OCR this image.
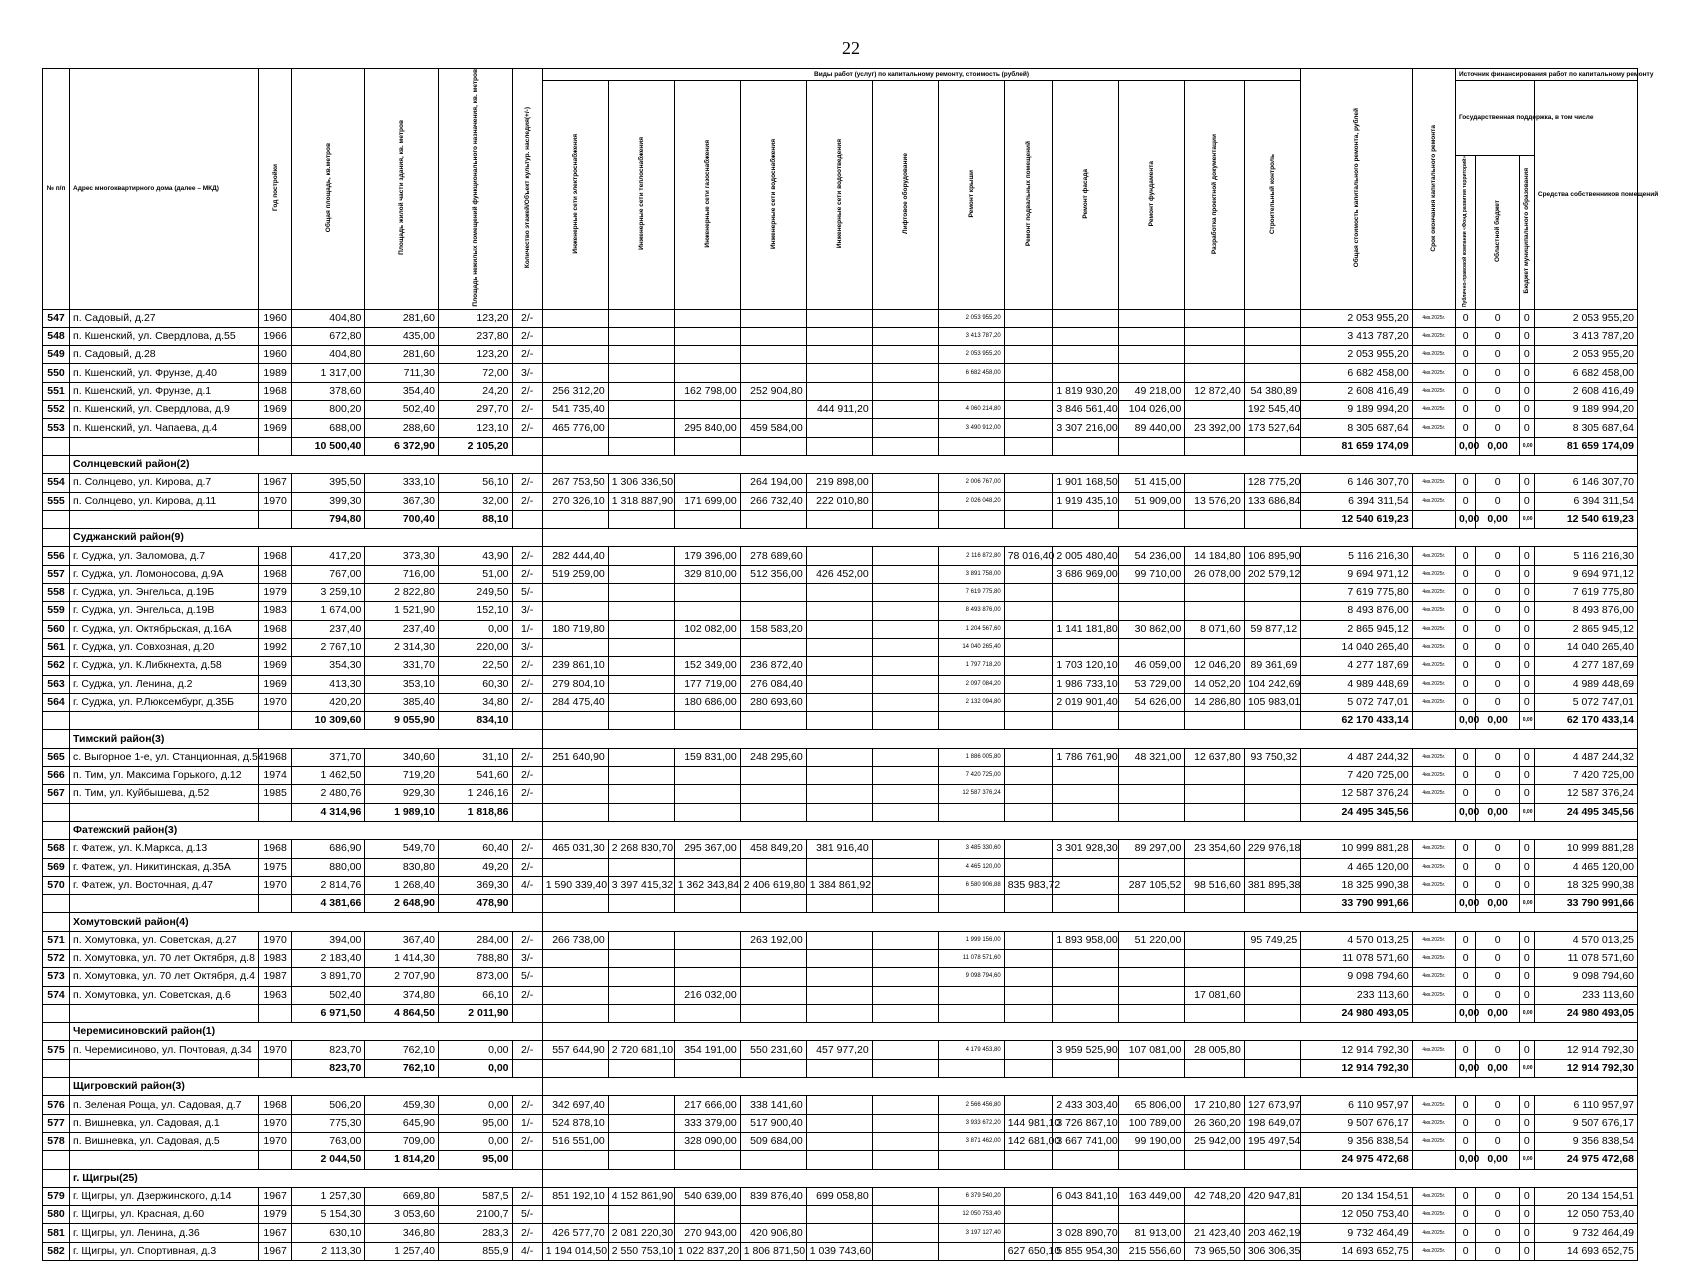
22
№ п/п	Адрес многоквартирного дома (далее – МКД)	Год постройки	Общая площадь, кв.метров	Площадь жилой части здания, кв. метров	Площадь нежилых помещений функционального назначения, кв. метров	Количество этажей/Объект культур. наследия(+/-)	Виды работ (услуг) по капитальному ремонту, стоимость (рублей)												Общая стоимость капитального ремонта, рублей	Срок окончания капитального ремонта	Источник финансирования работ по капитальному ремонту			
							Инженерные сети электроснабжения	Инженерные сети теплоснабжения	Инженерные сети газоснабжения	Инженерные сети водоснабжения	Инженерные сети водоотведения	Лифтовое оборудование	Ремонт крыши	Ремонт подвальных помещений	Ремонт фасада	Ремонт фундамента	Разработка проектной документации	Строительный контроль			Государственная поддержка, в том числе			Средства собственников помещений
																					Публично-правовой компании «Фонд развития территорий»	Областной бюджет	Бюджет муниципального образования	
547	п. Садовый, д.27	1960	404,80	281,60	123,20	2/-							2 053 955,20						2 053 955,20	4кв.2025г.	0	0	0	2 053 955,20
548	п. Кшенский, ул. Свердлова, д.55	1966	672,80	435,00	237,80	2/-							3 413 787,20						3 413 787,20	4кв.2025г.	0	0	0	3 413 787,20
549	п. Садовый, д.28	1960	404,80	281,60	123,20	2/-							2 053 955,20						2 053 955,20	4кв.2025г.	0	0	0	2 053 955,20
550	п. Кшенский, ул. Фрунзе, д.40	1989	1 317,00	711,30	72,00	3/-							6 682 458,00						6 682 458,00	4кв.2025г.	0	0	0	6 682 458,00
551	п. Кшенский, ул. Фрунзе, д.1	1968	378,60	354,40	24,20	2/-	256 312,20		162 798,00	252 904,80					1 819 930,20	49 218,00	12 872,40	54 380,89	2 608 416,49	4кв.2025г.	0	0	0	2 608 416,49
552	п. Кшенский, ул. Свердлова, д.9	1969	800,20	502,40	297,70	2/-	541 735,40				444 911,20		4 060 214,80		3 846 561,40	104 026,00		192 545,40	9 189 994,20	4кв.2025г.	0	0	0	9 189 994,20
553	п. Кшенский, ул. Чапаева, д.4	1969	688,00	288,60	123,10	2/-	465 776,00		295 840,00	459 584,00			3 490 912,00		3 307 216,00	89 440,00	23 392,00	173 527,64	8 305 687,64	4кв.2025г.	0	0	0	8 305 687,64
			10 500,40	6 372,90	2 105,20														81 659 174,09		0,00	0,00	0,00	81 659 174,09
	Солнцевский район(2)																							
554	п. Солнцево, ул. Кирова, д.7	1967	395,50	333,10	56,10	2/-	267 753,50	1 306 336,50		264 194,00	219 898,00		2 006 767,00		1 901 168,50	51 415,00		128 775,20	6 146 307,70	4кв.2025г.	0	0	0	6 146 307,70
555	п. Солнцево, ул. Кирова, д.11	1970	399,30	367,30	32,00	2/-	270 326,10	1 318 887,90	171 699,00	266 732,40	222 010,80		2 026 048,20		1 919 435,10	51 909,00	13 576,20	133 686,84	6 394 311,54	4кв.2025г.	0	0	0	6 394 311,54
			794,80	700,40	88,10														12 540 619,23		0,00	0,00	0,00	12 540 619,23
	Суджанский район(9)																							
556	г. Суджа, ул. Заломова, д.7	1968	417,20	373,30	43,90	2/-	282 444,40		179 396,00	278 689,60			2 116 872,80	78 016,40	2 005 480,40	54 236,00	14 184,80	106 895,90	5 116 216,30	4кв.2025г.	0	0	0	5 116 216,30
557	г. Суджа, ул. Ломоносова, д.9А	1968	767,00	716,00	51,00	2/-	519 259,00		329 810,00	512 356,00	426 452,00		3 891 758,00		3 686 969,00	99 710,00	26 078,00	202 579,12	9 694 971,12	4кв.2025г.	0	0	0	9 694 971,12
558	г. Суджа, ул. Энгельса, д.19Б	1979	3 259,10	2 822,80	249,50	5/-							7 619 775,80						7 619 775,80	4кв.2025г.	0	0	0	7 619 775,80
559	г. Суджа, ул. Энгельса, д.19В	1983	1 674,00	1 521,90	152,10	3/-							8 493 876,00						8 493 876,00	4кв.2025г.	0	0	0	8 493 876,00
560	г. Суджа, ул. Октябрьская, д.16А	1968	237,40	237,40	0,00	1/-	180 719,80		102 082,00	158 583,20			1 204 567,60		1 141 181,80	30 862,00	8 071,60	59 877,12	2 865 945,12	4кв.2025г.	0	0	0	2 865 945,12
561	г. Суджа, ул. Совхозная, д.20	1992	2 767,10	2 314,30	220,00	3/-							14 040 265,40						14 040 265,40	4кв.2025г.	0	0	0	14 040 265,40
562	г. Суджа, ул. К.Либкнехта, д.58	1969	354,30	331,70	22,50	2/-	239 861,10		152 349,00	236 872,40			1 797 718,20		1 703 120,10	46 059,00	12 046,20	89 361,69	4 277 187,69	4кв.2025г.	0	0	0	4 277 187,69
563	г. Суджа, ул. Ленина, д.2	1969	413,30	353,10	60,30	2/-	279 804,10		177 719,00	276 084,40			2 097 084,20		1 986 733,10	53 729,00	14 052,20	104 242,69	4 989 448,69	4кв.2025г.	0	0	0	4 989 448,69
564	г. Суджа, ул. Р.Люксембург, д.35Б	1970	420,20	385,40	34,80	2/-	284 475,40		180 686,00	280 693,60			2 132 094,80		2 019 901,40	54 626,00	14 286,80	105 983,01	5 072 747,01	4кв.2025г.	0	0	0	5 072 747,01
			10 309,60	9 055,90	834,10														62 170 433,14		0,00	0,00	0,00	62 170 433,14
	Тимский район(3)																							
565	с. Выгорное 1-е, ул. Станционная, д.54	1968	371,70	340,60	31,10	2/-	251 640,90		159 831,00	248 295,60			1 886 005,80		1 786 761,90	48 321,00	12 637,80	93 750,32	4 487 244,32	4кв.2025г.	0	0	0	4 487 244,32
566	п. Тим, ул. Максима Горького, д.12	1974	1 462,50	719,20	541,60	2/-							7 420 725,00						7 420 725,00	4кв.2025г.	0	0	0	7 420 725,00
567	п. Тим, ул. Куйбышева, д.52	1985	2 480,76	929,30	1 246,16	2/-							12 587 376,24						12 587 376,24	4кв.2025г.	0	0	0	12 587 376,24
			4 314,96	1 989,10	1 818,86														24 495 345,56		0,00	0,00	0,00	24 495 345,56
	Фатежский район(3)																							
568	г. Фатеж, ул. К.Маркса, д.13	1968	686,90	549,70	60,40	2/-	465 031,30	2 268 830,70	295 367,00	458 849,20	381 916,40		3 485 330,60		3 301 928,30	89 297,00	23 354,60	229 976,18	10 999 881,28	4кв.2025г.	0	0	0	10 999 881,28
569	г. Фатеж, ул. Никитинская, д.35А	1975	880,00	830,80	49,20	2/-							4 465 120,00						4 465 120,00	4кв.2025г.	0	0	0	4 465 120,00
570	г. Фатеж, ул. Восточная, д.47	1970	2 814,76	1 268,40	369,30	4/-	1 590 339,40	3 397 415,32	1 362 343,84	2 406 619,80	1 384 861,92		6 580 906,88	835 983,72		287 105,52	98 516,60	381 895,38	18 325 990,38	4кв.2025г.	0	0	0	18 325 990,38
			4 381,66	2 648,90	478,90														33 790 991,66		0,00	0,00	0,00	33 790 991,66
	Хомутовский район(4)																							
571	п. Хомутовка, ул. Советская, д.27	1970	394,00	367,40	284,00	2/-	266 738,00			263 192,00			1 999 156,00		1 893 958,00	51 220,00		95 749,25	4 570 013,25	4кв.2025г.	0	0	0	4 570 013,25
572	п. Хомутовка, ул. 70 лет Октября, д.8	1983	2 183,40	1 414,30	788,80	3/-							11 078 571,60						11 078 571,60	4кв.2025г.	0	0	0	11 078 571,60
573	п. Хомутовка, ул. 70 лет Октября, д.4	1987	3 891,70	2 707,90	873,00	5/-							9 098 794,60						9 098 794,60	4кв.2025г.	0	0	0	9 098 794,60
574	п. Хомутовка, ул. Советская, д.6	1963	502,40	374,80	66,10	2/-			216 032,00								17 081,60		233 113,60	4кв.2025г.	0	0	0	233 113,60
			6 971,50	4 864,50	2 011,90														24 980 493,05		0,00	0,00	0,00	24 980 493,05
	Черемисиновский район(1)																							
575	п. Черемисиново, ул. Почтовая, д.34	1970	823,70	762,10	0,00	2/-	557 644,90	2 720 681,10	354 191,00	550 231,60	457 977,20		4 179 453,80		3 959 525,90	107 081,00	28 005,80		12 914 792,30	4кв.2025г.	0	0	0	12 914 792,30
			823,70	762,10	0,00														12 914 792,30		0,00	0,00	0,00	12 914 792,30
	Щигровский район(3)																							
576	п. Зеленая Роща, ул. Садовая, д.7	1968	506,20	459,30	0,00	2/-	342 697,40		217 666,00	338 141,60			2 566 456,80		2 433 303,40	65 806,00	17 210,80	127 673,97	6 110 957,97	4кв.2025г.	0	0	0	6 110 957,97
577	п. Вишневка, ул. Садовая, д.1	1970	775,30	645,90	95,00	1/-	524 878,10		333 379,00	517 900,40			3 933 672,20	144 981,10	3 726 867,10	100 789,00	26 360,20	198 649,07	9 507 676,17	4кв.2025г.	0	0	0	9 507 676,17
578	п. Вишневка, ул. Садовая, д.5	1970	763,00	709,00	0,00	2/-	516 551,00		328 090,00	509 684,00			3 871 462,00	142 681,00	3 667 741,00	99 190,00	25 942,00	195 497,54	9 356 838,54	4кв.2025г.	0	0	0	9 356 838,54
			2 044,50	1 814,20	95,00														24 975 472,68		0,00	0,00	0,00	24 975 472,68
	г. Щигры(25)																							
579	г. Щигры, ул. Дзержинского, д.14	1967	1 257,30	669,80	587,5	2/-	851 192,10	4 152 861,90	540 639,00	839 876,40	699 058,80		6 379 540,20		6 043 841,10	163 449,00	42 748,20	420 947,81	20 134 154,51	4кв.2025г.	0	0	0	20 134 154,51
580	г. Щигры, ул. Красная, д.60	1979	5 154,30	3 053,60	2100,7	5/-							12 050 753,40						12 050 753,40	4кв.2025г.	0	0	0	12 050 753,40
581	г. Щигры, ул. Ленина, д.36	1967	630,10	346,80	283,3	2/-	426 577,70	2 081 220,30	270 943,00	420 906,80			3 197 127,40		3 028 890,70	81 913,00	21 423,40	203 462,19	9 732 464,49	4кв.2025г.	0	0	0	9 732 464,49
582	г. Щигры, ул. Спортивная, д.3	1967	2 113,30	1 257,40	855,9	4/-	1 194 014,50	2 550 753,10	1 022 837,20	1 806 871,50	1 039 743,60			627 650,10	5 855 954,30	215 556,60	73 965,50	306 306,35	14 693 652,75	4кв.2025г.	0	0	0	14 693 652,75
